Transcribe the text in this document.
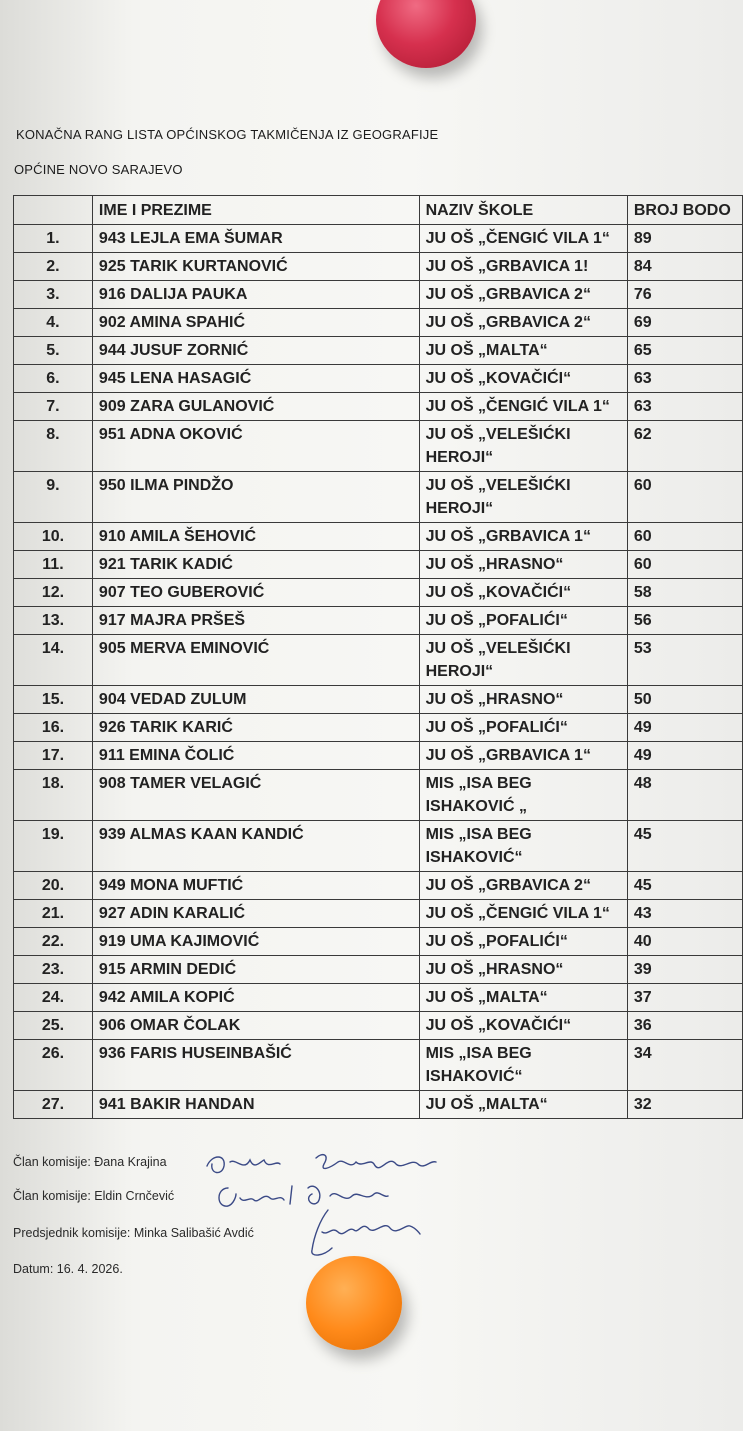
KONAČNA RANG LISTA OPĆINSKOG TAKMIČENJA IZ GEOGRAFIJE
OPĆINE NOVO SARAJEVO
	IME I PREZIME	NAZIV ŠKOLE	BROJ BODO
1.	943 LEJLA EMA ŠUMAR	JU OŠ „ČENGIĆ VILA 1“	89
2.	925 TARIK KURTANOVIĆ	JU OŠ „GRBAVICA 1!	84
3.	916 DALIJA PAUKA	JU OŠ „GRBAVICA 2“	76
4.	902 AMINA SPAHIĆ	JU OŠ „GRBAVICA 2“	69
5.	944 JUSUF ZORNIĆ	JU OŠ „MALTA“	65
6.	945 LENA HASAGIĆ	JU OŠ „KOVAČIĆI“	63
7.	909 ZARA GULANOVIĆ	JU OŠ „ČENGIĆ VILA 1“	63
8.	951 ADNA OKOVIĆ	JU OŠ „VELEŠIĆKI HEROJI“	62
9.	950 ILMA PINDŽO	JU OŠ „VELEŠIĆKI HEROJI“	60
10.	910 AMILA ŠEHOVIĆ	JU OŠ „GRBAVICA 1“	60
11.	921 TARIK KADIĆ	JU OŠ „HRASNO“	60
12.	907 TEO GUBEROVIĆ	JU OŠ „KOVAČIĆI“	58
13.	917 MAJRA PRŠEŠ	JU OŠ „POFALIĆI“	56
14.	905 MERVA EMINOVIĆ	JU OŠ „VELEŠIĆKI HEROJI“	53
15.	904 VEDAD ZULUM	JU OŠ „HRASNO“	50
16.	926 TARIK KARIĆ	JU OŠ „POFALIĆI“	49
17.	911 EMINA ČOLIĆ	JU OŠ „GRBAVICA 1“	49
18.	908 TAMER VELAGIĆ	MIS „ISA BEG ISHAKOVIĆ „	48
19.	939 ALMAS KAAN KANDIĆ	MIS „ISA BEG ISHAKOVIĆ“	45
20.	949 MONA MUFTIĆ	JU OŠ „GRBAVICA 2“	45
21.	927 ADIN KARALIĆ	JU OŠ „ČENGIĆ VILA 1“	43
22.	919 UMA KAJIMOVIĆ	JU OŠ „POFALIĆI“	40
23.	915 ARMIN DEDIĆ	JU OŠ „HRASNO“	39
24.	942 AMILA KOPIĆ	JU OŠ „MALTA“	37
25.	906 OMAR ČOLAK	JU OŠ „KOVAČIĆI“	36
26.	936 FARIS HUSEINBAŠIĆ	MIS „ISA BEG ISHAKOVIĆ“	34
27.	941 BAKIR HANDAN	JU OŠ „MALTA“	32
Član komisije: Đana Krajina
Član komisije: Eldin Crnčević
Predsjednik komisije: Minka Salibašić Avdić
Datum: 16. 4. 2026.
